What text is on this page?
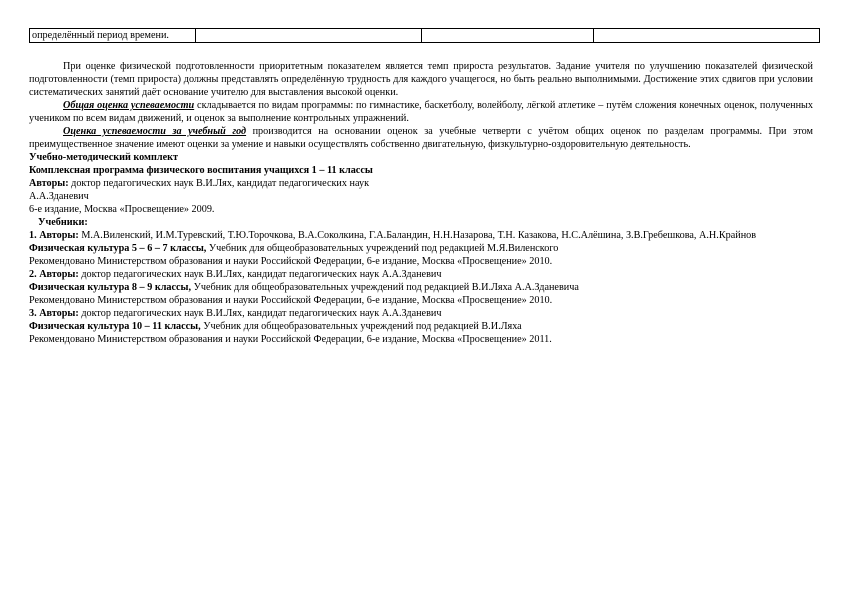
определённый период времени.			

При оценке физической подготовленности приоритетным показателем является темп прироста результатов. Задание учителя по улучшению показателей физической подготовленности (темп прироста) должны представлять определённую трудность для каждого учащегося, но быть реально выполнимыми. Достижение этих сдвигов при условии систематических занятий даёт основание учителю для выставления высокой оценки.

Общая оценка успеваемости складывается по видам программы: по гимнастике, баскетболу, волейболу, лёгкой атлетике – путём сложения конечных оценок, полученных учеником по всем видам движений, и оценок за выполнение контрольных упражнений.

Оценка успеваемости за учебный год производится на основании оценок за учебные четверти с учётом общих оценок по разделам программы. При этом преимущественное значение имеют оценки за умение и навыки осуществлять собственно двигательную, физкультурно-оздоровительную деятельность.

Учебно-методический комплект

Комплексная программа физического воспитания учащихся 1 – 11 классы

Авторы: доктор педагогических наук В.И.Лях, кандидат педагогических наук

А.А.Зданевич

6-е издание, Москва «Просвещение» 2009.

Учебники:

1. Авторы: М.А.Виленский, И.М.Туревский, Т.Ю.Торочкова, В.А.Соколкина, Г.А.Баландин, Н.Н.Назарова, Т.Н. Казакова, Н.С.Алёшина, З.В.Гребешкова, А.Н.Крайнов

Физическая культура 5 – 6 – 7 классы, Учебник для общеобразовательных учреждений под редакцией М.Я.Виленского

Рекомендовано Министерством образования и науки Российской Федерации, 6-е издание, Москва «Просвещение» 2010.

2. Авторы: доктор педагогических наук В.И.Лях, кандидат педагогических наук А.А.Зданевич

Физическая культура 8 – 9 классы, Учебник для общеобразовательных учреждений под редакцией В.И.Ляха А.А.Зданевича

Рекомендовано Министерством образования и науки Российской Федерации, 6-е издание, Москва «Просвещение» 2010.

3. Авторы: доктор педагогических наук В.И.Лях, кандидат педагогических наук А.А.Зданевич

Физическая культура 10 – 11 классы, Учебник для общеобразовательных учреждений под редакцией В.И.Ляха

Рекомендовано Министерством образования и науки Российской Федерации, 6-е издание, Москва «Просвещение» 2011.
